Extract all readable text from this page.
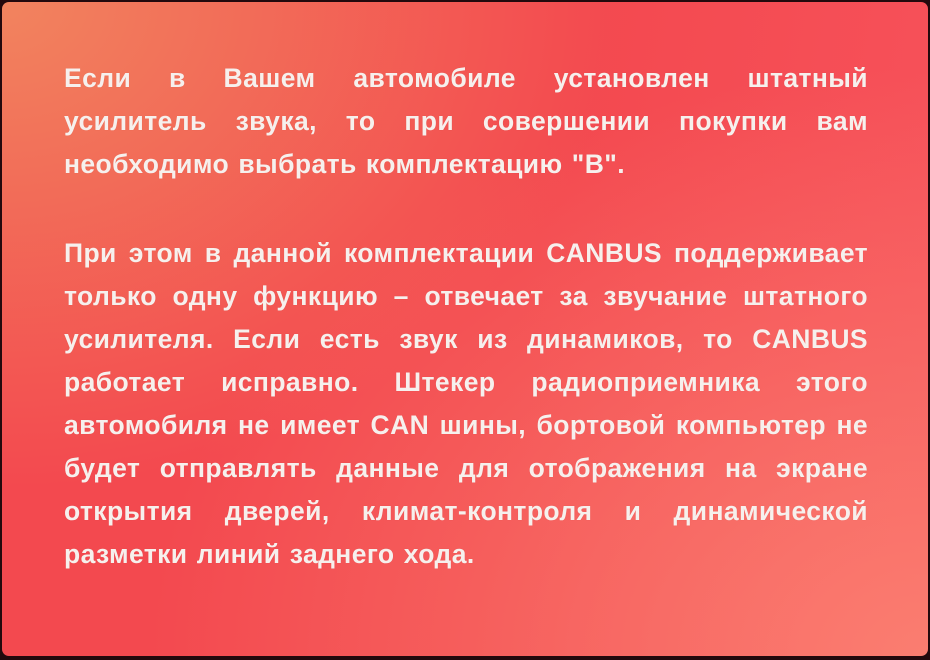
Если в Вашем автомобиле установлен штатный усилитель звука, то при совершении покупки вам необходимо выбрать комплектацию "B".

При этом в данной комплектации CANBUS поддерживает только одну функцию – отвечает за звучание штатного усилителя. Если есть звук из динамиков, то CANBUS работает исправно. Штекер радиоприемника этого автомобиля не имеет CAN шины, бортовой компьютер не будет отправлять данные для отображения на экране открытия дверей, климат-контроля и динамической разметки линий заднего хода.
